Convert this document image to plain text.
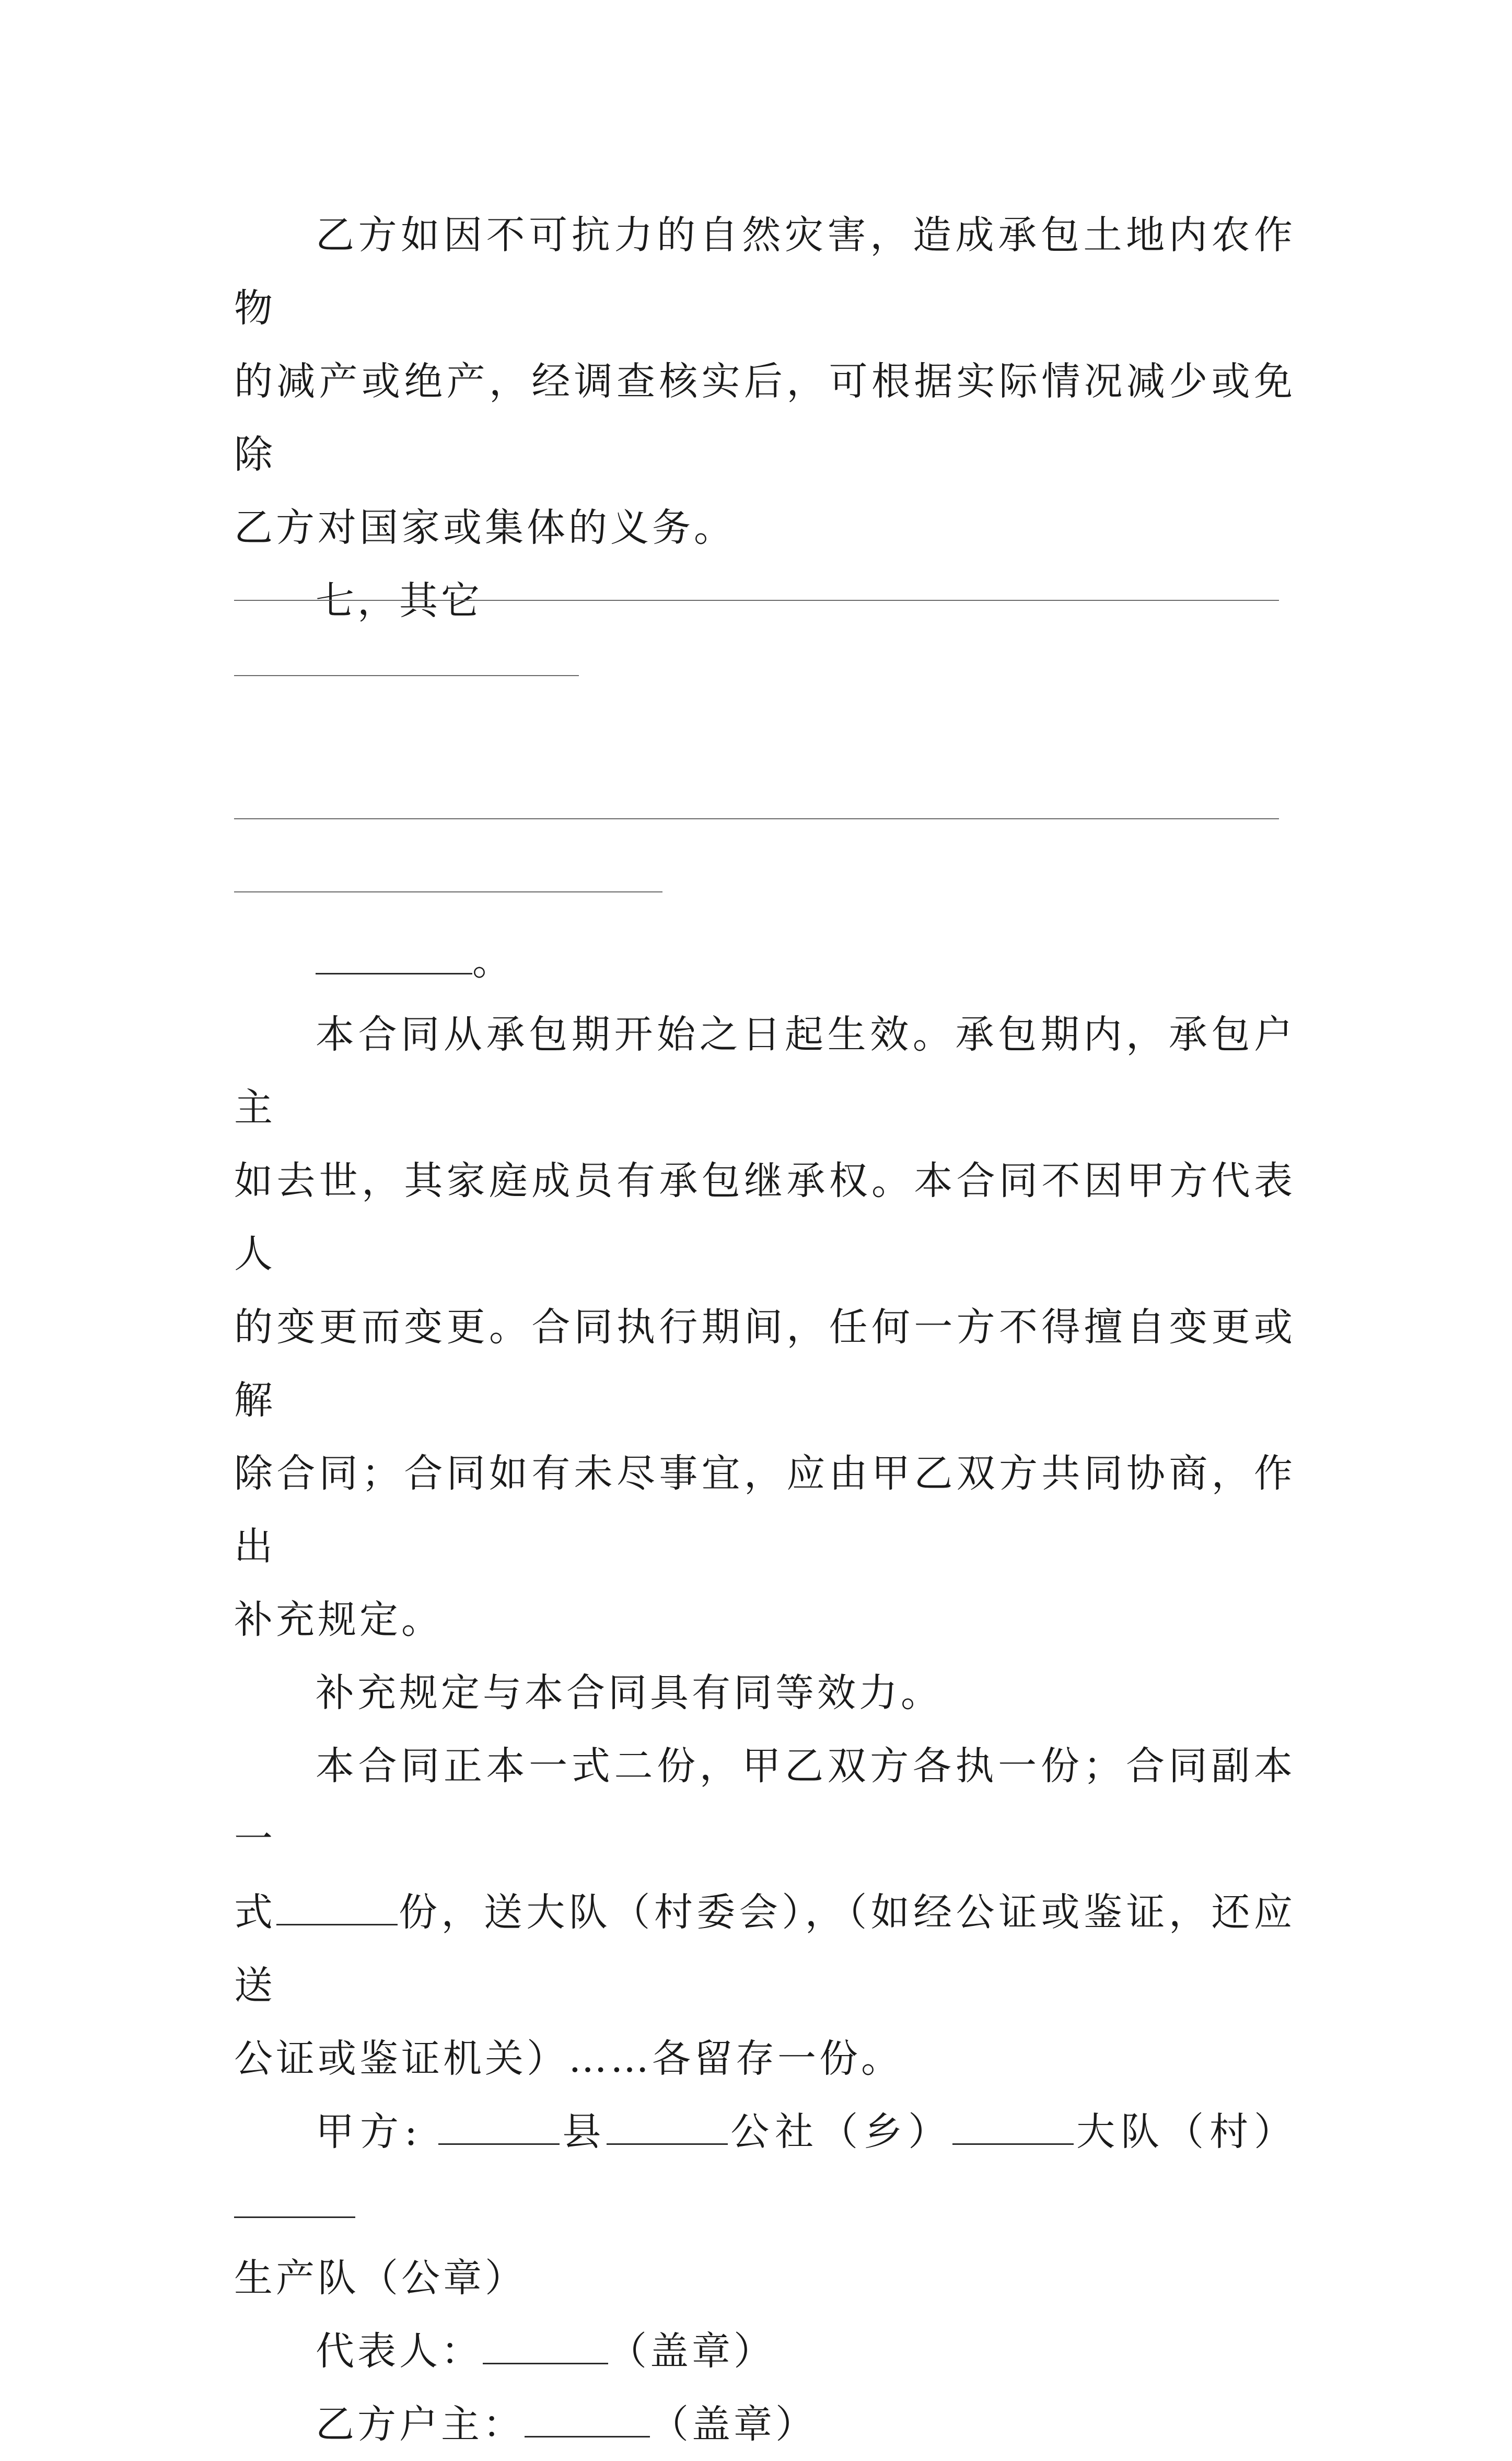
乙方如因不可抗力的自然灾害，造成承包土地内农作物

的减产或绝产，经调查核实后，可根据实际情况减少或免除

乙方对国家或集体的义务。

七，其它

。

本合同从承包期开始之日起生效。承包期内，承包户主

如去世，其家庭成员有承包继承权。本合同不因甲方代表人

的变更而变更。合同执行期间，任何一方不得擅自变更或解

除合同；合同如有未尽事宜，应由甲乙双方共同协商，作出

补充规定。

补充规定与本合同具有同等效力。

本合同正本一式二份，甲乙双方各执一份；合同副本一

式	份，送大队（村委会），（如经公证或鉴证，还应送

公证或鉴证机关）……各留存一份。

甲方:	县	公社（乡）	大队（村）

生产队（公章）

代表人：	（盖章）

乙方户主：	（盖章）
